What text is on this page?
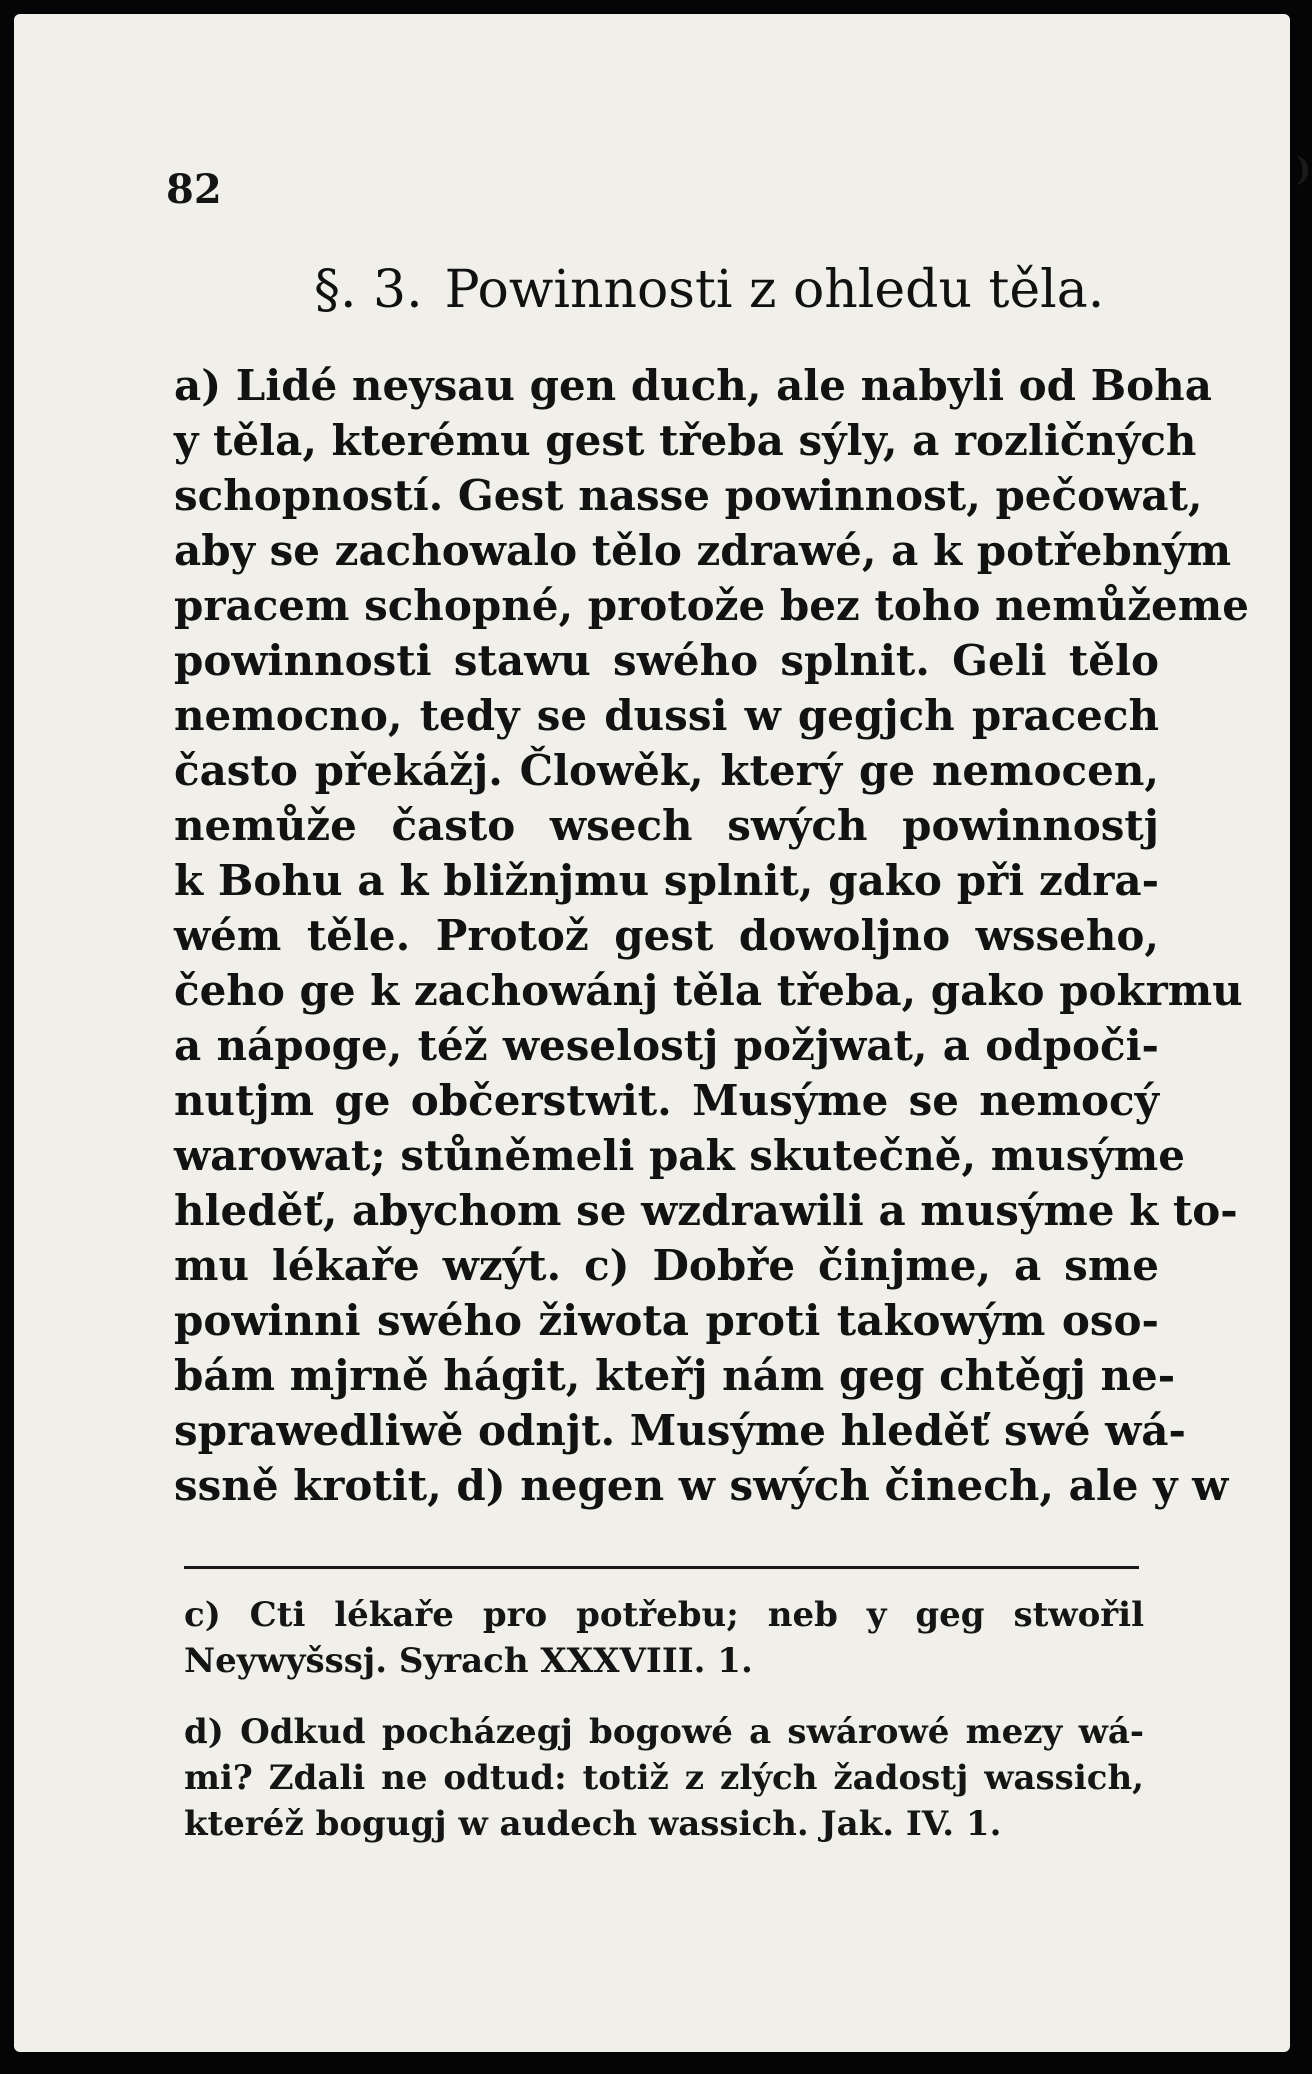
82
§. 3. Powinnosti z ohledu těla.
a) Lidé neysau gen duch, ale nabyli od Boha
y těla, kterému gest třeba sýly, a rozličných
schopností. Gest nasse powinnost, pečowat,
aby se zachowalo tělo zdrawé, a k potřebným
pracem schopné, protože bez toho nemůžeme
powinnosti stawu swého splnit. Geli tělo
nemocno, tedy se dussi w gegjch pracech
často překážj. Člowěk, který ge nemocen,
nemůže často wsech swých powinnostj
k Bohu a k bližnjmu splnit, gako při zdra-
wém těle. Protož gest dowoljno wsseho,
čeho ge k zachowánj těla třeba, gako pokrmu
a nápoge, též weselostj požjwat, a odpoči-
nutjm ge občerstwit. Musýme se nemocý
warowat; stůněmeli pak skutečně, musýme
hleděť, abychom se wzdrawili a musýme k to-
mu lékaře wzýt. c) Dobře činjme, a sme
powinni swého žiwota proti takowým oso-
bám mjrně hágit, kteřj nám geg chtěgj ne-
sprawedliwě odnjt. Musýme hleděť swé wá-
ssně krotit, d) negen w swých činech, ale y w
c) Cti lékaře pro potřebu; neb y geg stwořil
Neywyšssj. Syrach XXXVIII. 1.
d) Odkud pocházegj bogowé a swárowé mezy wá-
mi? Zdali ne odtud: totiž z zlých žadostj wassich,
kteréž bogugj w audech wassich. Jak. IV. 1.
)
